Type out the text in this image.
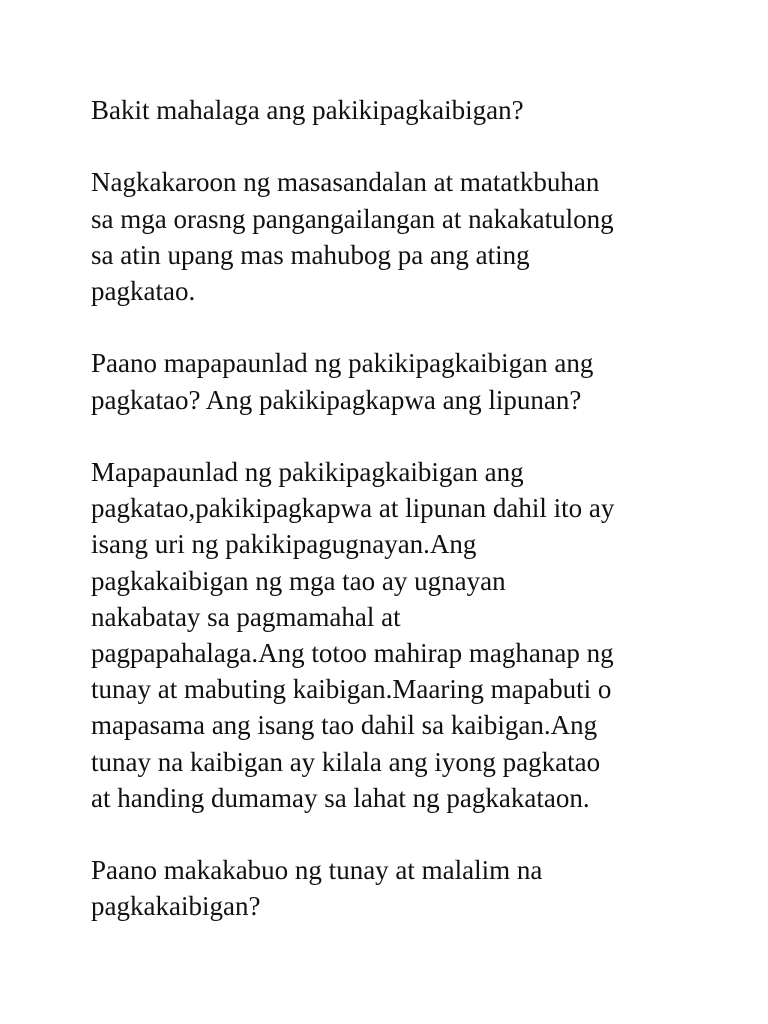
Bakit mahalaga ang pakikipagkaibigan?
Nagkakaroon ng masasandalan at matatkbuhan
sa mga orasng pangangailangan at nakakatulong
sa atin upang mas mahubog pa ang ating
pagkatao.
Paano mapapaunlad ng pakikipagkaibigan ang
pagkatao? Ang pakikipagkapwa ang lipunan?
Mapapaunlad ng pakikipagkaibigan ang
pagkatao,pakikipagkapwa at lipunan dahil ito ay
isang uri ng pakikipagugnayan.Ang
pagkakaibigan ng mga tao ay ugnayan
nakabatay sa pagmamahal at
pagpapahalaga.Ang totoo mahirap maghanap ng
tunay at mabuting kaibigan.Maaring mapabuti o
mapasama ang isang tao dahil sa kaibigan.Ang
tunay na kaibigan ay kilala ang iyong pagkatao
at handing dumamay sa lahat ng pagkakataon.
Paano makakabuo ng tunay at malalim na
pagkakaibigan?
